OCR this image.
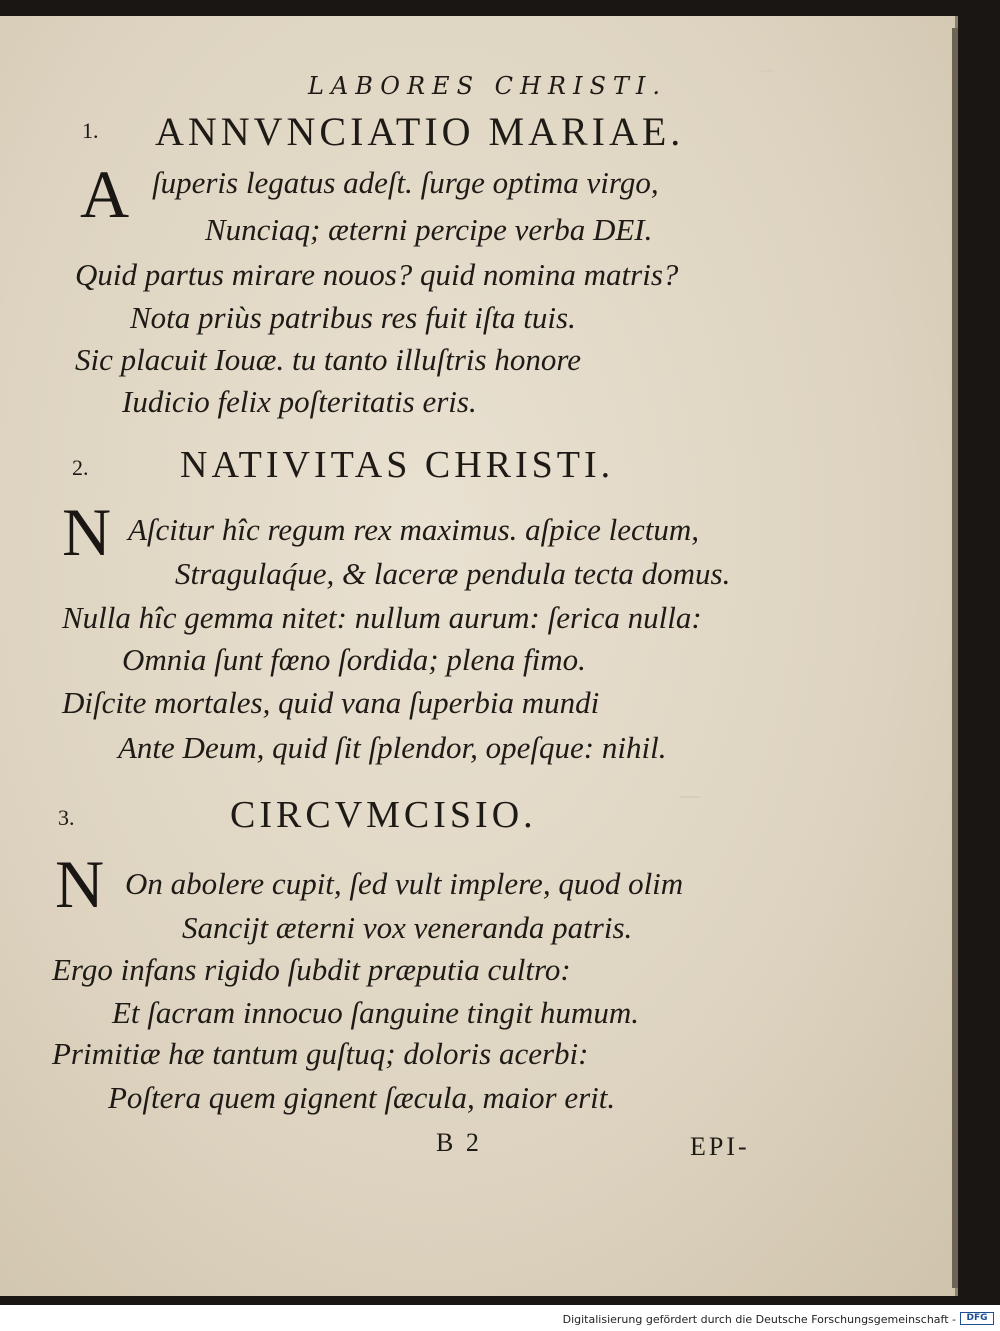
LABORES CHRISTI.
1. ANNVNCIATIO MARIAE.
A ſuperis legatus adeſt. ſurge optima virgo,
Nunciaq; æterni percipe verba DEI.
Quid partus mirare nouos? quid nomina matris?
Nota priùs patribus res fuit iſta tuis.
Sic placuit Iouæ. tu tanto illuſtris honore
Iudicio felix poſteritatis eris.
2. NATIVITAS CHRISTI.
N Aſcitur hîc regum rex maximus. aſpice lectum,
Stragulaq́ue, & laceræ pendula tecta domus.
Nulla hîc gemma nitet: nullum aurum: ſerica nulla:
Omnia ſunt fœno ſordida; plena fimo.
Diſcite mortales, quid vana ſuperbia mundi
Ante Deum, quid ſit ſplendor, opeſque: nihil.
3.	CIRCVMCISIO.
N On abolere cupit, ſed vult implere, quod olim
Sancijt æterni vox veneranda patris.
Ergo infans rigido ſubdit præputia cultro:
Et ſacram innocuo ſanguine tingit humum.
Primitiæ hæ tantum guſtuq; doloris acerbi:
Poſtera quem gignent ſæcula, maior erit.
B 2	EPI-
Digitalisierung gefördert durch die Deutsche Forschungsgemeinschaft -	DFG
